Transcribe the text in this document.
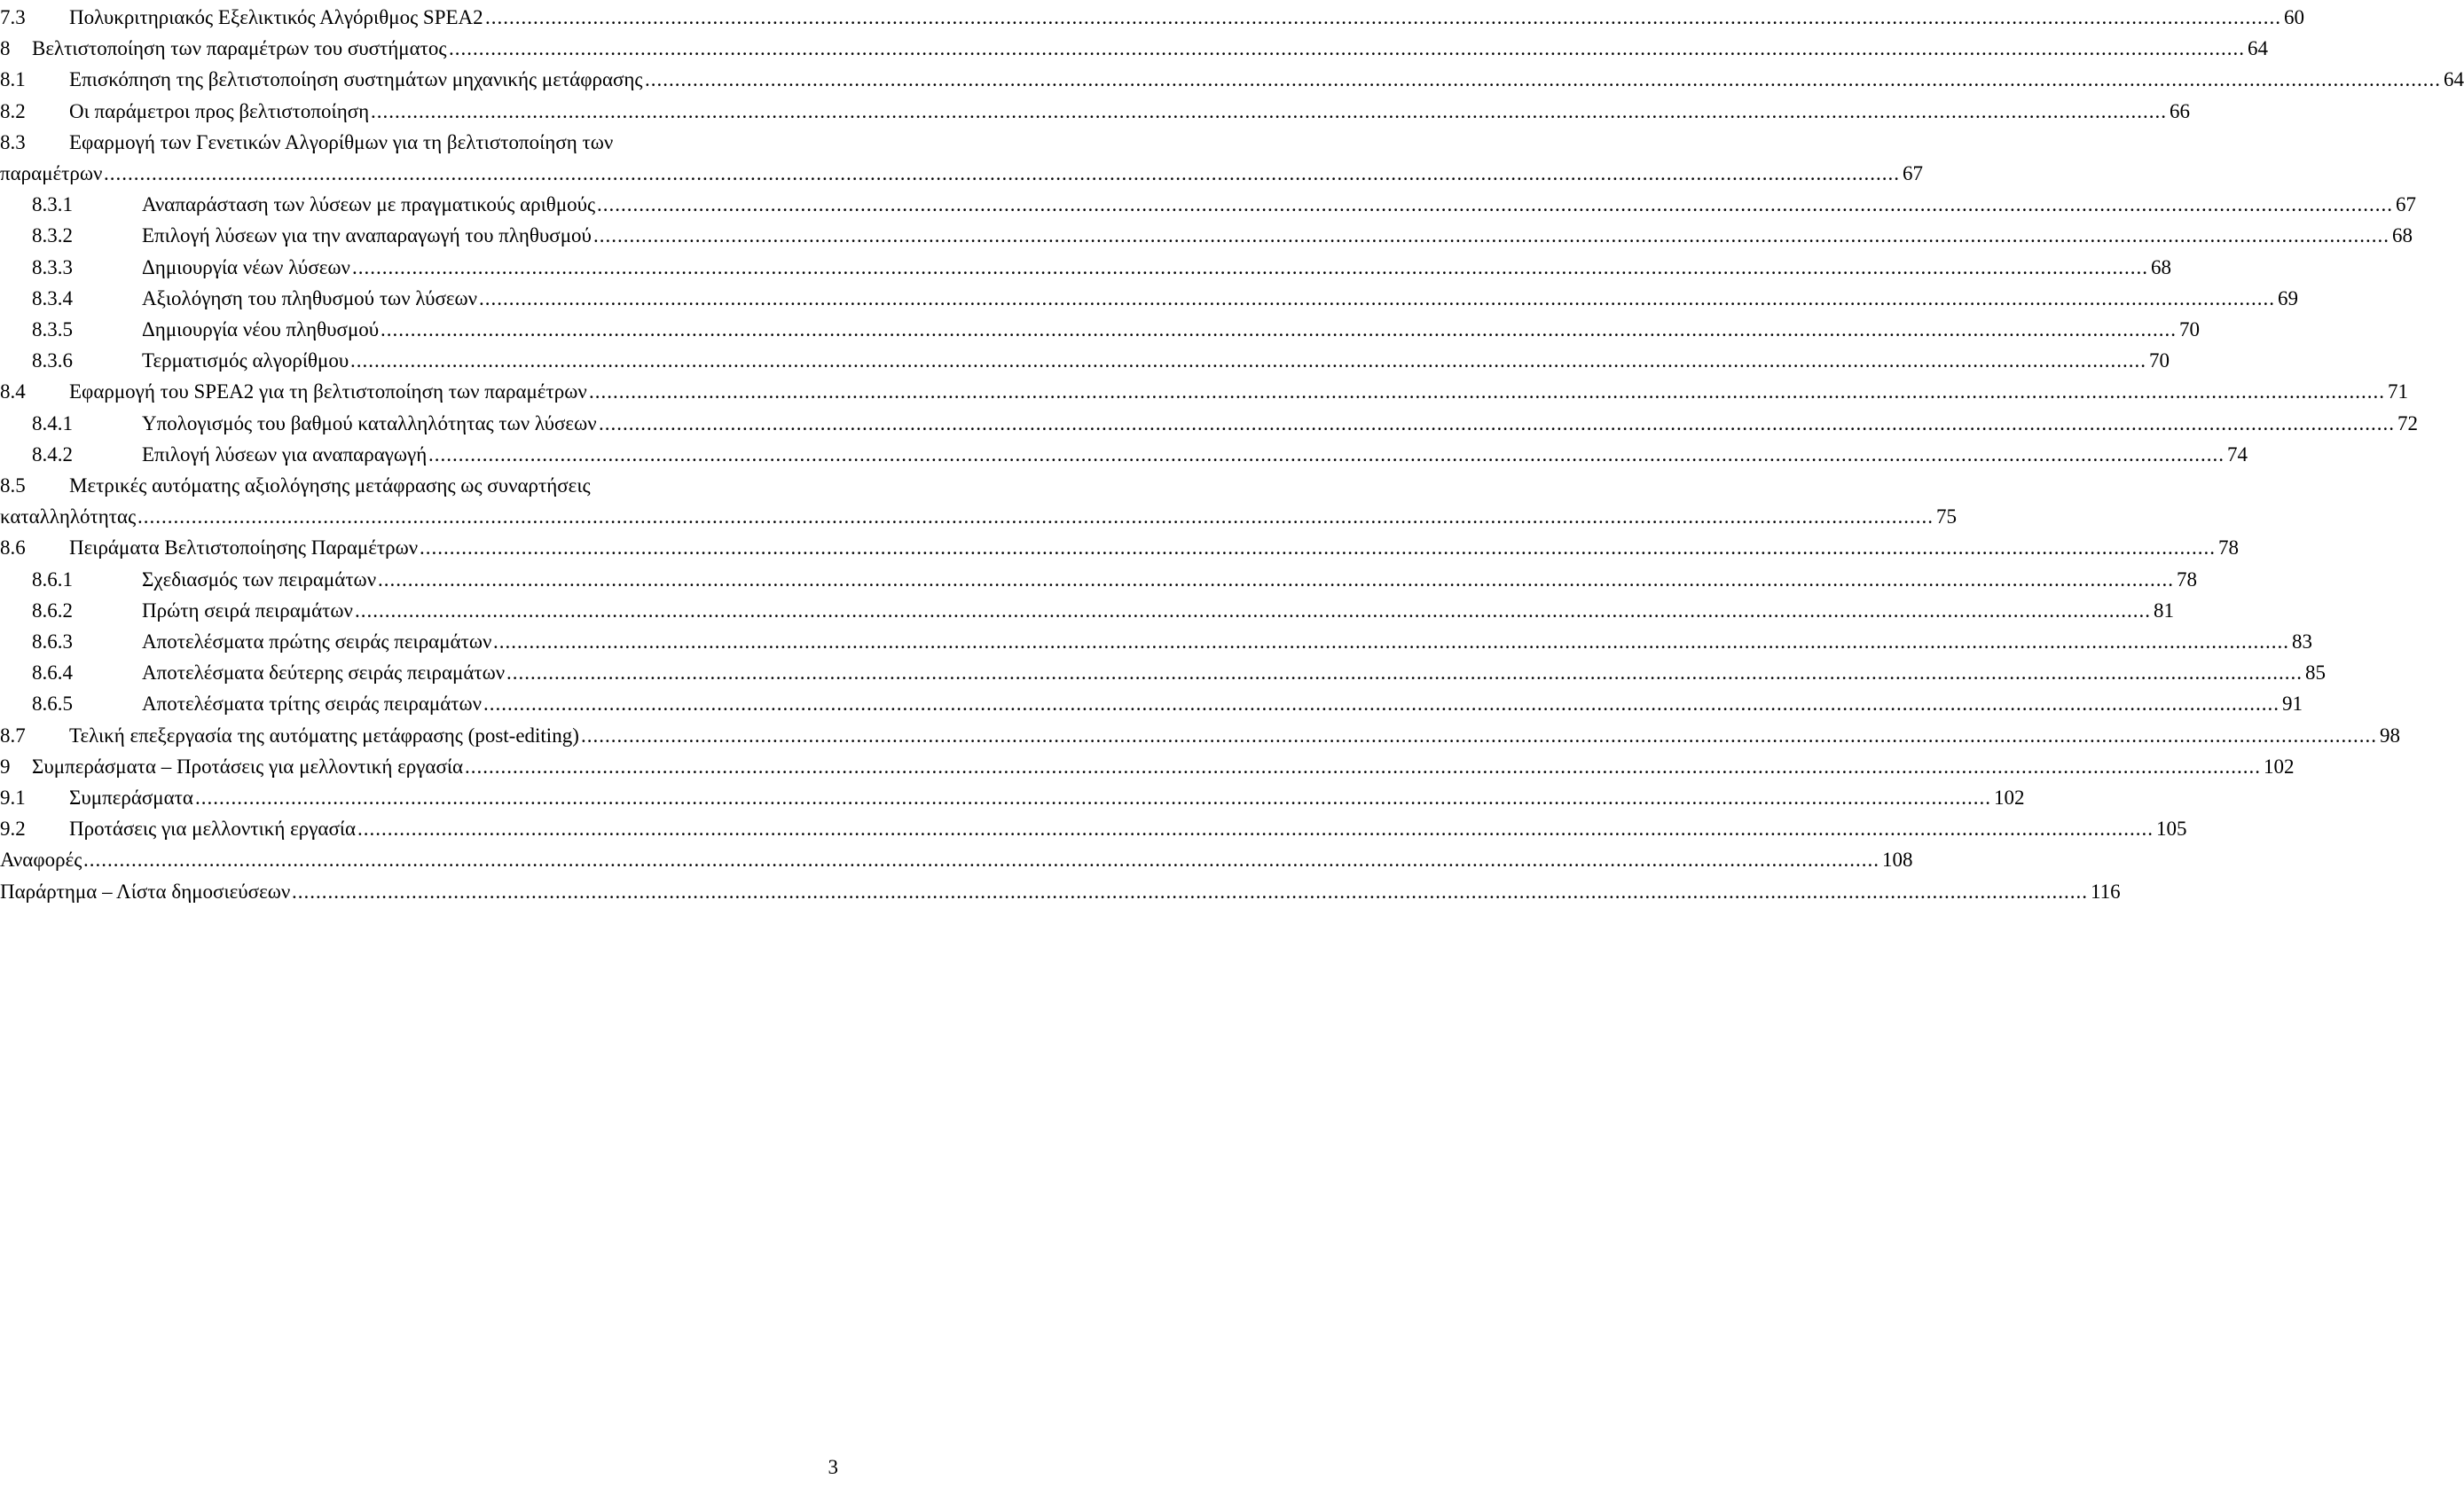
7.3 Πολυκριτηριακός Εξελικτικός Αλγόριθμος SPEA2 ............................................................................................................................................................................................................................................................................................................ 60
8 Βελτιστοποίηση των παραμέτρων του συστήματος ............................................................................................................................................................................................................................................................................................................ 64
8.1 Επισκόπηση της βελτιστοποίηση συστημάτων μηχανικής μετάφρασης ............................................................................................................................................................................................................................................................................................................ 64
8.2 Οι παράμετροι προς βελτιστοποίηση ............................................................................................................................................................................................................................................................................................................ 66
8.3 Εφαρμογή των Γενετικών Αλγορίθμων για τη βελτιστοποίηση των
παραμέτρων ............................................................................................................................................................................................................................................................................................................ 67
8.3.1	Αναπαράσταση των λύσεων με πραγματικούς αριθμούς ............................................................................................................................................................................................................................................................................................................ 67
8.3.2	Επιλογή λύσεων για την αναπαραγωγή του πληθυσμού ............................................................................................................................................................................................................................................................................................................ 68
8.3.3	Δημιουργία νέων λύσεων ............................................................................................................................................................................................................................................................................................................ 68
8.3.4	Αξιολόγηση του πληθυσμού των λύσεων ............................................................................................................................................................................................................................................................................................................ 69
8.3.5	Δημιουργία νέου πληθυσμού ............................................................................................................................................................................................................................................................................................................ 70
8.3.6	Τερματισμός αλγορίθμου ............................................................................................................................................................................................................................................................................................................ 70
8.4 Εφαρμογή του SPEA2 για τη βελτιστοποίηση των παραμέτρων ............................................................................................................................................................................................................................................................................................................ 71
8.4.1	Υπολογισμός του βαθμού καταλληλότητας των λύσεων ............................................................................................................................................................................................................................................................................................................ 72
8.4.2	Επιλογή λύσεων για αναπαραγωγή ............................................................................................................................................................................................................................................................................................................ 74
8.5 Μετρικές αυτόματης αξιολόγησης μετάφρασης ως συναρτήσεις
καταλληλότητας ............................................................................................................................................................................................................................................................................................................ 75
8.6 Πειράματα Βελτιστοποίησης Παραμέτρων ............................................................................................................................................................................................................................................................................................................ 78
8.6.1	Σχεδιασμός των πειραμάτων ............................................................................................................................................................................................................................................................................................................ 78
8.6.2	Πρώτη σειρά πειραμάτων ............................................................................................................................................................................................................................................................................................................ 81
8.6.3	Αποτελέσματα πρώτης σειράς πειραμάτων ............................................................................................................................................................................................................................................................................................................ 83
8.6.4	Αποτελέσματα δεύτερης σειράς πειραμάτων ............................................................................................................................................................................................................................................................................................................ 85
8.6.5	Αποτελέσματα τρίτης σειράς πειραμάτων ............................................................................................................................................................................................................................................................................................................ 91
8.7 Τελική επεξεργασία της αυτόματης μετάφρασης (post-editing) ............................................................................................................................................................................................................................................................................................................ 98
9 Συμπεράσματα – Προτάσεις για μελλοντική εργασία ............................................................................................................................................................................................................................................................................................................ 102
9.1 Συμπεράσματα ............................................................................................................................................................................................................................................................................................................ 102
9.2 Προτάσεις για μελλοντική εργασία ............................................................................................................................................................................................................................................................................................................ 105
Αναφορές ............................................................................................................................................................................................................................................................................................................ 108
Παράρτημα – Λίστα δημοσιεύσεων ............................................................................................................................................................................................................................................................................................................ 116
3
